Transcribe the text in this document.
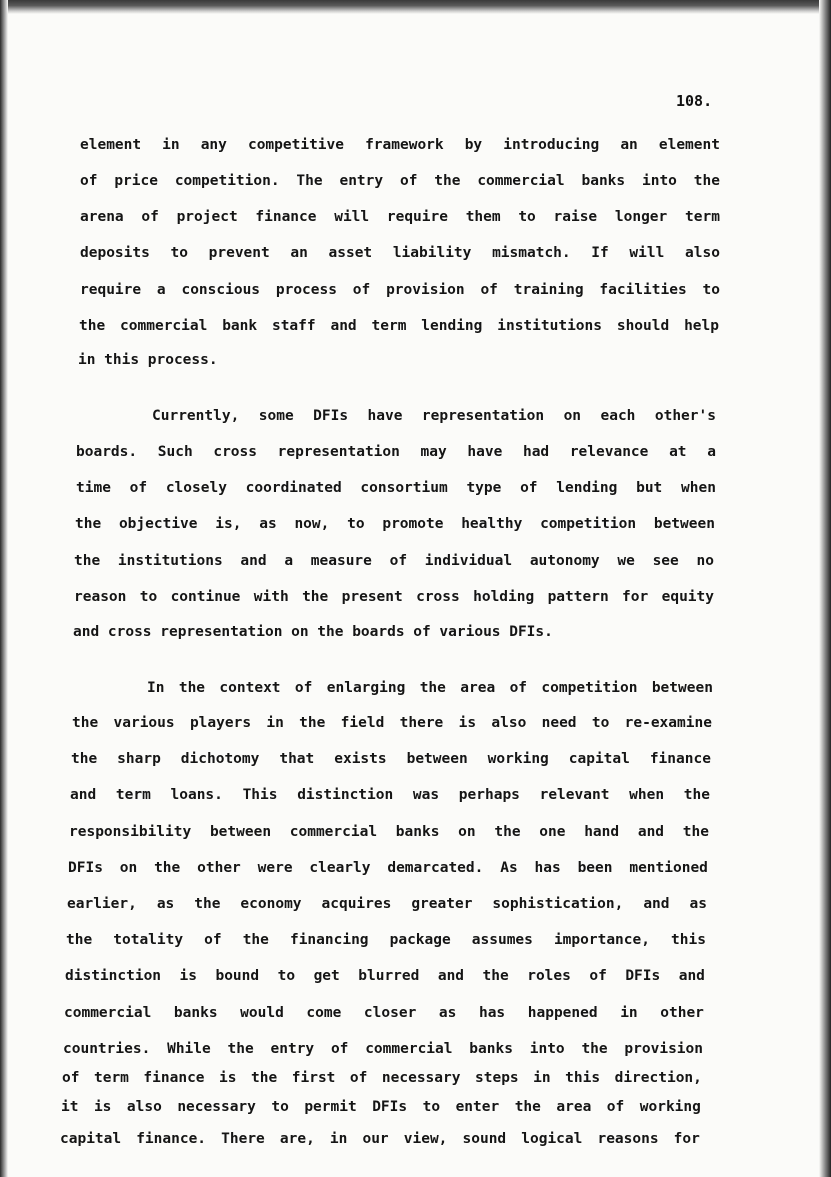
108.
element in any competitive framework by introducing an element
of price competition. The entry of the commercial banks into the
arena of project finance will require them to raise longer term
deposits to prevent an asset liability mismatch. If will also
require a conscious process of provision of training facilities to
the commercial bank staff and term lending institutions should help
in this process.
Currently, some DFIs have representation on each other's
boards. Such cross representation may have had relevance at a
time of closely coordinated consortium type of lending but when
the objective is, as now, to promote healthy competition between
the institutions and a measure of individual autonomy we see no
reason to continue with the present cross holding pattern for equity
and cross representation on the boards of various DFIs.
In the context of enlarging the area of competition between
the various players in the field there is also need to re-examine
the sharp dichotomy that exists between working capital finance
and term loans. This distinction was perhaps relevant when the
responsibility between commercial banks on the one hand and the
DFIs on the other were clearly demarcated. As has been mentioned
earlier, as the economy acquires greater sophistication, and as
the totality of the financing package assumes importance, this
distinction is bound to get blurred and the roles of DFIs and
commercial banks would come closer as has happened in other
countries. While the entry of commercial banks into the provision
of term finance is the first of necessary steps in this direction,
it is also necessary to permit DFIs to enter the area of working
capital finance. There are, in our view, sound logical reasons for
